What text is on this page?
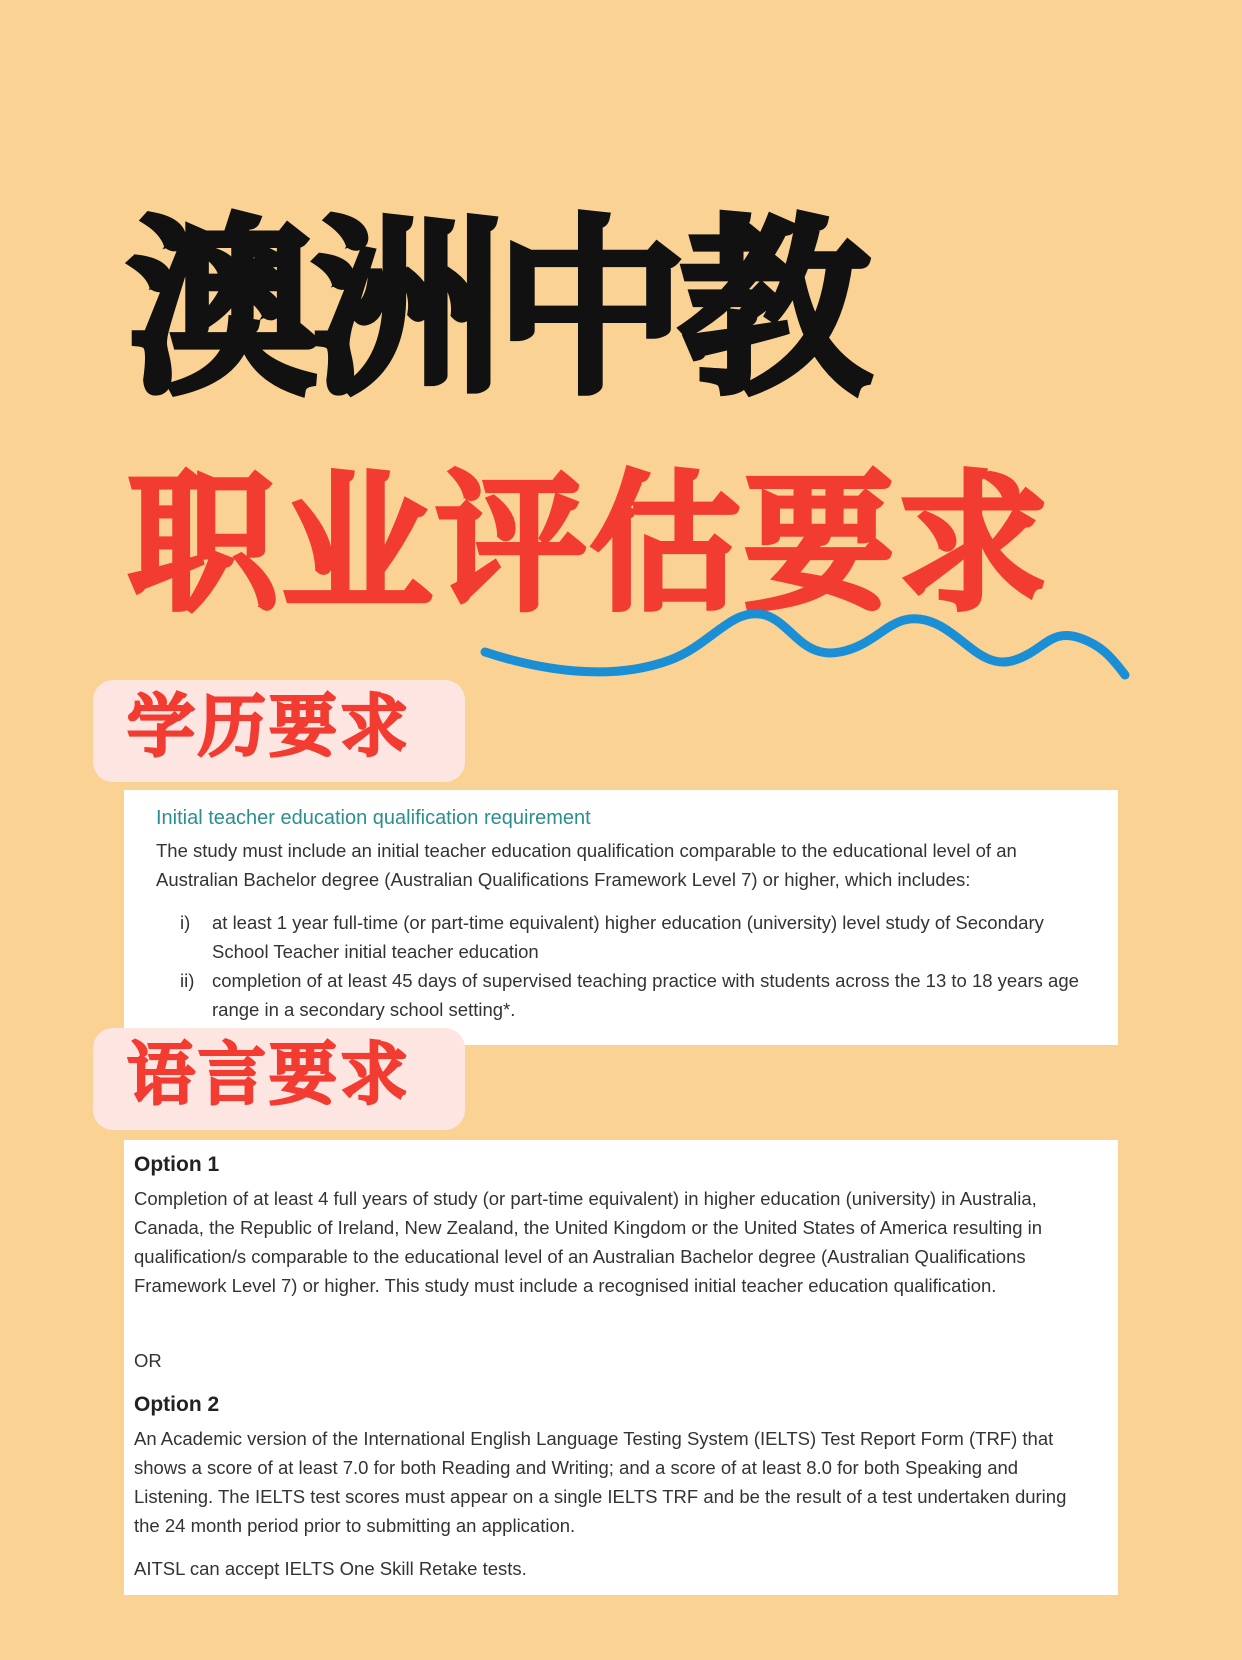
澳洲中教
职业评估要求
Initial teacher education qualification requirement

The study must include an initial teacher education qualification comparable to the educational level of an Australian Bachelor degree (Australian Qualifications Framework Level 7) or higher, which includes:

i) at least 1 year full-time (or part-time equivalent) higher education (university) level study of Secondary School Teacher initial teacher education
ii) completion of at least 45 days of supervised teaching practice with students across the 13 to 18 years age range in a secondary school setting*.
学历要求
Option 1

Completion of at least 4 full years of study (or part-time equivalent) in higher education (university) in Australia, Canada, the Republic of Ireland, New Zealand, the United Kingdom or the United States of America resulting in qualification/s comparable to the educational level of an Australian Bachelor degree (Australian Qualifications Framework Level 7) or higher. This study must include a recognised initial teacher education qualification.

OR

Option 2

An Academic version of the International English Language Testing System (IELTS) Test Report Form (TRF) that shows a score of at least 7.0 for both Reading and Writing; and a score of at least 8.0 for both Speaking and Listening. The IELTS test scores must appear on a single IELTS TRF and be the result of a test undertaken during the 24 month period prior to submitting an application.

AITSL can accept IELTS One Skill Retake tests.

语言要求
